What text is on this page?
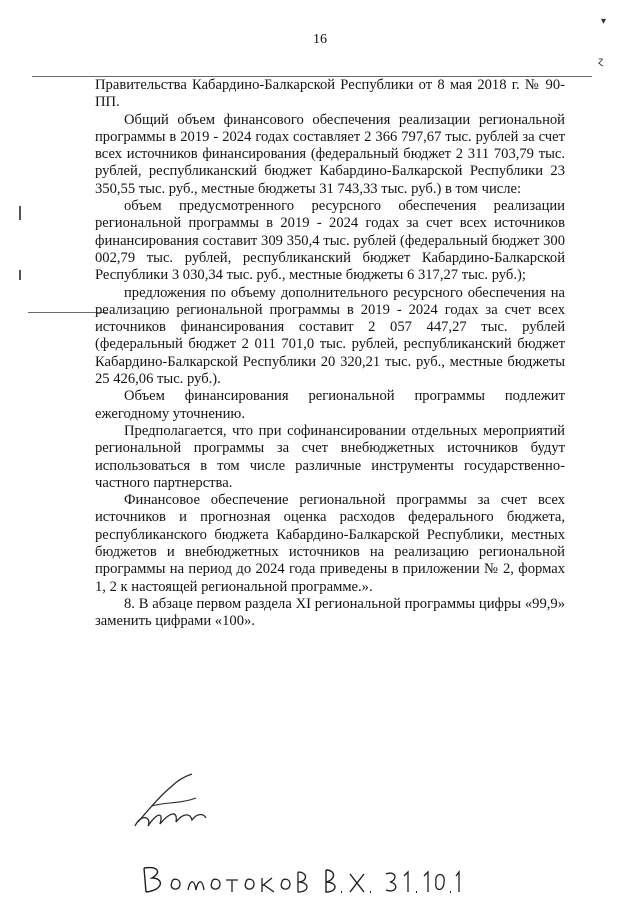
▾
ɀ
16

Правительства Кабардино-Балкарской Республики от 8 мая 2018 г. № 90-ПП.

Общий объем финансового обеспечения реализации региональной программы в 2019 - 2024 годах составляет 2 366 797,67 тыс. рублей за счет всех источников финансирования (федеральный бюджет 2 311 703,79 тыс. рублей, республиканский бюджет Кабардино-Балкарской Республики 23 350,55 тыс. руб., местные бюджеты 31 743,33 тыс. руб.) в том числе:

объем предусмотренного ресурсного обеспечения реализации региональной программы в 2019 - 2024 годах за счет всех источников финансирования составит 309 350,4 тыс. рублей (федеральный бюджет 300 002,79 тыс. рублей, республиканский бюджет Кабардино-Балкарской Республики 3 030,34 тыс. руб., местные бюджеты 6 317,27 тыс. руб.);

предложения по объему дополнительного ресурсного обеспечения на реализацию региональной программы в 2019 - 2024 годах за счет всех источников финансирования составит 2 057 447,27 тыс. рублей (федеральный бюджет 2 011 701,0 тыс. рублей, республиканский бюджет Кабардино-Балкарской Республики 20 320,21 тыс. руб., местные бюджеты 25 426,06 тыс. руб.).

Объем финансирования региональной программы подлежит ежегодному уточнению.

Предполагается, что при софинансировании отдельных мероприятий региональной программы за счет внебюджетных источников будут использоваться в том числе различные инструменты государственно-частного партнерства.

Финансовое обеспечение региональной программы за счет всех источников и прогнозная оценка расходов федерального бюджета, республиканского бюджета Кабардино-Балкарской Республики, местных бюджетов и внебюджетных источников на реализацию региональной программы на период до 2024 года приведены в приложении № 2, формах 1, 2 к настоящей региональной программе.».

8. В абзаце первом раздела XI региональной программы цифры «99,9» заменить цифрами «100».
